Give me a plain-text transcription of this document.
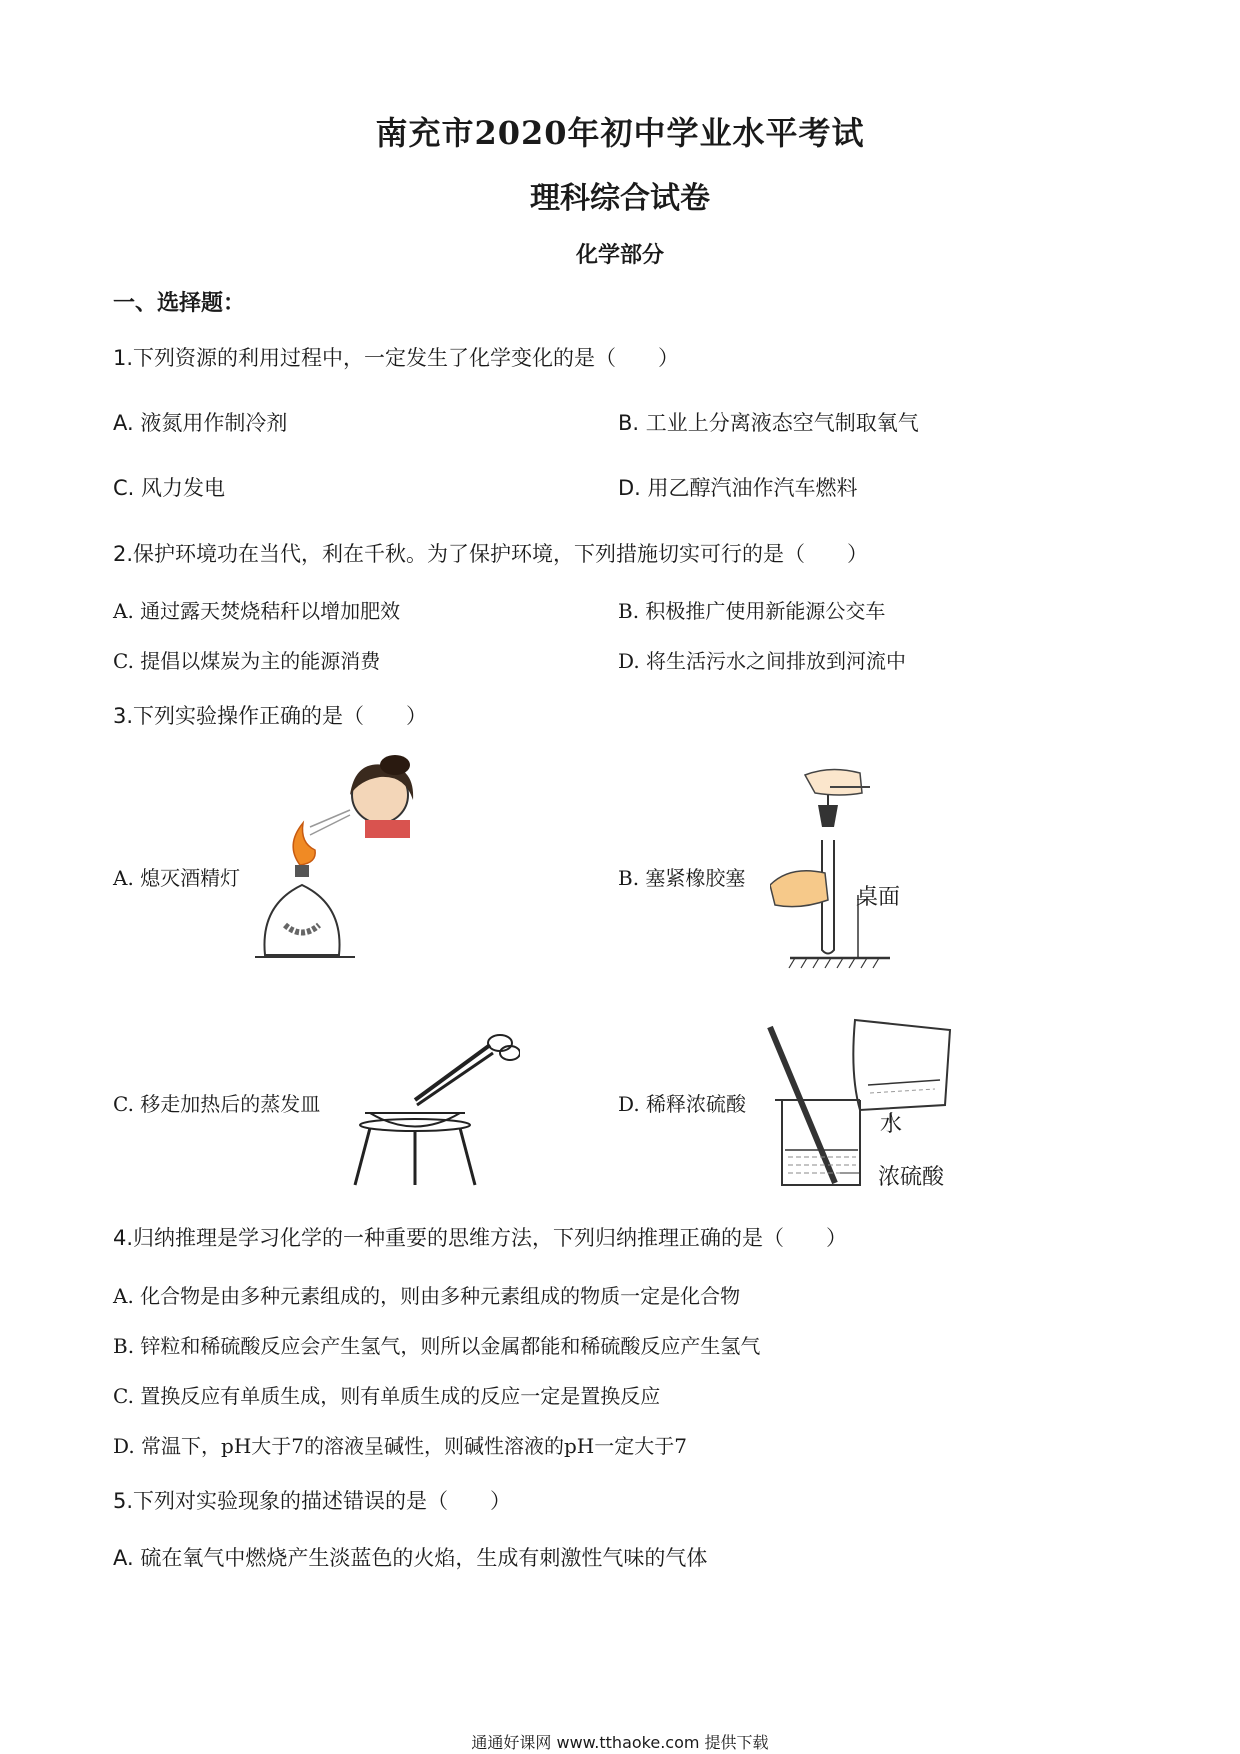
南充市2020年初中学业水平考试
理科综合试卷
化学部分
一、选择题：
1.下列资源的利用过程中，一定发生了化学变化的是（　　）
A. 液氮用作制冷剂	B. 工业上分离液态空气制取氧气
C. 风力发电	D. 用乙醇汽油作汽车燃料
2.保护环境功在当代，利在千秋。为了保护环境，下列措施切实可行的是（　　）
A. 通过露天焚烧秸秆以增加肥效	B. 积极推广使用新能源公交车
C. 提倡以煤炭为主的能源消费	D. 将生活污水之间排放到河流中
3.下列实验操作正确的是（　　）
A. 熄灭酒精灯	B. 塞紧橡胶塞
桌面
C. 移走加热后的蒸发皿	D. 稀释浓硫酸
水
浓硫酸
4.归纳推理是学习化学的一种重要的思维方法，下列归纳推理正确的是（　　）
A. 化合物是由多种元素组成的，则由多种元素组成的物质一定是化合物
B. 锌粒和稀硫酸反应会产生氢气，则所以金属都能和稀硫酸反应产生氢气
C. 置换反应有单质生成，则有单质生成的反应一定是置换反应
D. 常温下，pH大于7的溶液呈碱性，则碱性溶液的pH一定大于7
5.下列对实验现象的描述错误的是（　　）
A. 硫在氧气中燃烧产生淡蓝色的火焰，生成有刺激性气味的气体
通通好课网 www.tthaoke.com 提供下载
